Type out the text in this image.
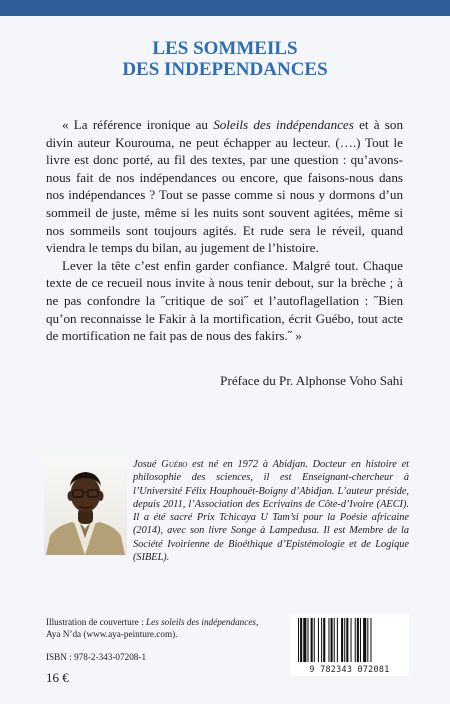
LES SOMMEILS
DES INDEPENDANCES

« La référence ironique au Soleils des indépendances et à son divin auteur Kourouma, ne peut échapper au lecteur. (….) Tout le livre est donc porté, au fil des textes, par une question : qu’avons-nous fait de nos indépendances ou encore, que faisons-nous dans nos indépendances ? Tout se passe comme si nous y dormons d’un sommeil de juste, même si les nuits sont souvent agitées, même si nos sommeils sont toujours agités. Et rude sera le réveil, quand viendra le temps du bilan, au jugement de l’histoire.

Lever la tête c’est enfin garder confiance. Malgré tout. Chaque texte de ce recueil nous invite à nous tenir debout, sur la brèche ; à ne pas confondre la ˝critique de soi˝ et l’autoflagellation : ˝Bien qu’on reconnaisse le Fakir à la mortification, écrit Guébo, tout acte de mortification ne fait pas de nous des fakirs.˝ »

Préface du Pr. Alphonse Voho Sahi

Josué Guébo est né en 1972 à Abidjan. Docteur en histoire et philosophie des sciences, il est Enseignant-chercheur à l’Université Félix Houphouët-Boigny d’Abidjan. L’auteur préside, depuis 2011, l’Association des Ecrivains de Côte-d’Ivoire (AECI). Il a été sacré Prix Tchicaya U Tam’si pour la Poésie africaine (2014), avec son livre Songe à Lampedusa. Il est Membre de la Société Ivoirienne de Bioéthique d’Epistémologie et de Logique (SIBEL).

Illustration de couverture : Les soleils des indépendances,
Aya N’da (www.aya-peinture.com).
ISBN : 978-2-343-07208-1
16 €
9 782343 072081
